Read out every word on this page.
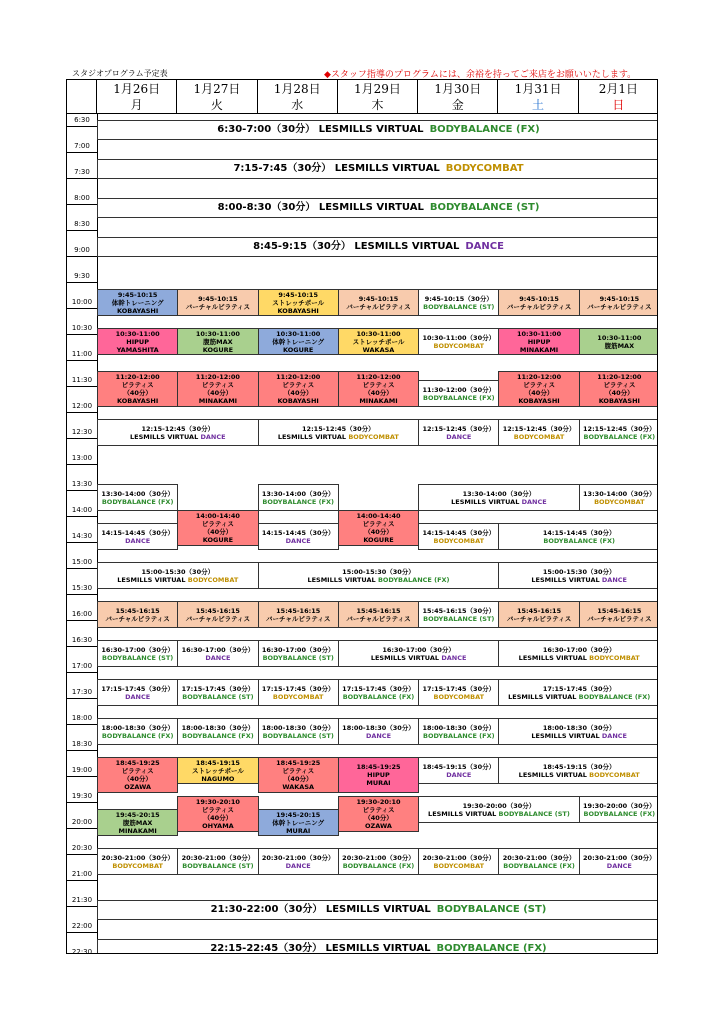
スタジオプログラム予定表	◆スタッフ指導のプログラムには、余裕を持ってご来店をお願いいたします。
1月26日
月
1月27日
火
1月28日
水
1月29日
木
1月30日
金
1月31日
土
2月1日
日
6:30
7:00
7:30
8:00
8:30
9:00
9:30
10:00
10:30
11:00
11:30
12:00
12:30
13:00
13:30
14:00
14:30
15:00
15:30
16:00
16:30
17:00
17:30
18:00
18:30
19:00
19:30
20:00
20:30
21:00
21:30
22:00
22:30
6:30-7:00（30分） LESMILLS VIRTUAL BODYBALANCE (FX)
7:15-7:45（30分） LESMILLS VIRTUAL BODYCOMBAT
8:00-8:30（30分） LESMILLS VIRTUAL BODYBALANCE (ST)
8:45-9:15（30分） LESMILLS VIRTUAL DANCE
9:45-10:15
体幹トレーニング
KOBAYASHI
9:45-10:15
バーチャルピラティス
9:45-10:15
ストレッチポール
KOBAYASHI
9:45-10:15
バーチャルピラティス
9:45-10:15（30分）
BODYBALANCE (ST)
9:45-10:15
バーチャルピラティス
9:45-10:15
バーチャルピラティス
10:30-11:00
HIPUP
YAMASHITA
10:30-11:00
腹筋MAX
KOGURE
10:30-11:00
体幹トレーニング
KOGURE
10:30-11:00
ストレッチポール
WAKASA
10:30-11:00（30分）
BODYCOMBAT
10:30-11:00
HIPUP
MINAKAMI
10:30-11:00
腹筋MAX
11:20-12:00
ピラティス
（40分）
KOBAYASHI
11:20-12:00
ピラティス
（40分）
MINAKAMI
11:20-12:00
ピラティス
（40分）
KOBAYASHI
11:20-12:00
ピラティス
（40分）
MINAKAMI
11:30-12:00（30分）
BODYBALANCE (FX)
11:20-12:00
ピラティス
（40分）
KOBAYASHI
11:20-12:00
ピラティス
（40分）
KOBAYASHI
12:15-12:45（30分）
LESMILLS VIRTUAL DANCE
12:15-12:45（30分）
LESMILLS VIRTUAL BODYCOMBAT
12:15-12:45（30分）
DANCE
12:15-12:45（30分）
BODYCOMBAT
12:15-12:45（30分）
BODYBALANCE (FX)
13:30-14:00（30分）
BODYBALANCE (FX)
13:30-14:00（30分）
BODYBALANCE (FX)
13:30-14:00（30分）
LESMILLS VIRTUAL DANCE
13:30-14:00（30分）
BODYCOMBAT
14:00-14:40
ピラティス
（40分）
KOGURE
14:00-14:40
ピラティス
（40分）
KOGURE
14:15-14:45（30分）
DANCE
14:15-14:45（30分）
DANCE
14:15-14:45（30分）
BODYCOMBAT
14:15-14:45（30分）
BODYBALANCE (FX)
15:00-15:30（30分）
LESMILLS VIRTUAL BODYCOMBAT
15:00-15:30（30分）
LESMILLS VIRTUAL BODYBALANCE (FX)
15:00-15:30（30分）
LESMILLS VIRTUAL DANCE
15:45-16:15
バーチャルピラティス
15:45-16:15
バーチャルピラティス
15:45-16:15
バーチャルピラティス
15:45-16:15
バーチャルピラティス
15:45-16:15（30分）
BODYBALANCE (ST)
15:45-16:15
バーチャルピラティス
15:45-16:15
バーチャルピラティス
16:30-17:00（30分）
BODYBALANCE (ST)
16:30-17:00（30分）
DANCE
16:30-17:00（30分）
BODYBALANCE (ST)
16:30-17:00（30分）
LESMILLS VIRTUAL DANCE
16:30-17:00（30分）
LESMILLS VIRTUAL BODYCOMBAT
17:15-17:45（30分）
DANCE
17:15-17:45（30分）
BODYBALANCE (ST)
17:15-17:45（30分）
BODYCOMBAT
17:15-17:45（30分）
BODYBALANCE (FX)
17:15-17:45（30分）
BODYCOMBAT
17:15-17:45（30分）
LESMILLS VIRTUAL BODYBALANCE (FX)
18:00-18:30（30分）
BODYBALANCE (FX)
18:00-18:30（30分）
BODYBALANCE (FX)
18:00-18:30（30分）
BODYBALANCE (ST)
18:00-18:30（30分）
DANCE
18:00-18:30（30分）
BODYBALANCE (FX)
18:00-18:30（30分）
LESMILLS VIRTUAL DANCE
18:45-19:25
ピラティス
（40分）
OZAWA
18:45-19:15
ストレッチポール
NAGUMO
18:45-19:25
ピラティス
（40分）
WAKASA
18:45-19:25
HIPUP
MURAI
18:45-19:15（30分）
DANCE
18:45-19:15（30分）
LESMILLS VIRTUAL BODYCOMBAT
19:30-20:10
ピラティス
（40分）
OHYAMA
19:30-20:10
ピラティス
（40分）
OZAWA
19:30-20:00（30分）
LESMILLS VIRTUAL BODYBALANCE (ST)
19:30-20:00（30分）
BODYBALANCE (FX)
19:45-20:15
腹筋MAX
MINAKAMI
19:45-20:15
体幹トレーニング
MURAI
20:30-21:00（30分）
BODYCOMBAT
20:30-21:00（30分）
BODYBALANCE (ST)
20:30-21:00（30分）
DANCE
20:30-21:00（30分）
BODYBALANCE (FX)
20:30-21:00（30分）
BODYCOMBAT
20:30-21:00（30分）
BODYBALANCE (FX)
20:30-21:00（30分）
DANCE
21:30-22:00（30分） LESMILLS VIRTUAL BODYBALANCE (ST)
22:15-22:45（30分） LESMILLS VIRTUAL BODYBALANCE (FX)
